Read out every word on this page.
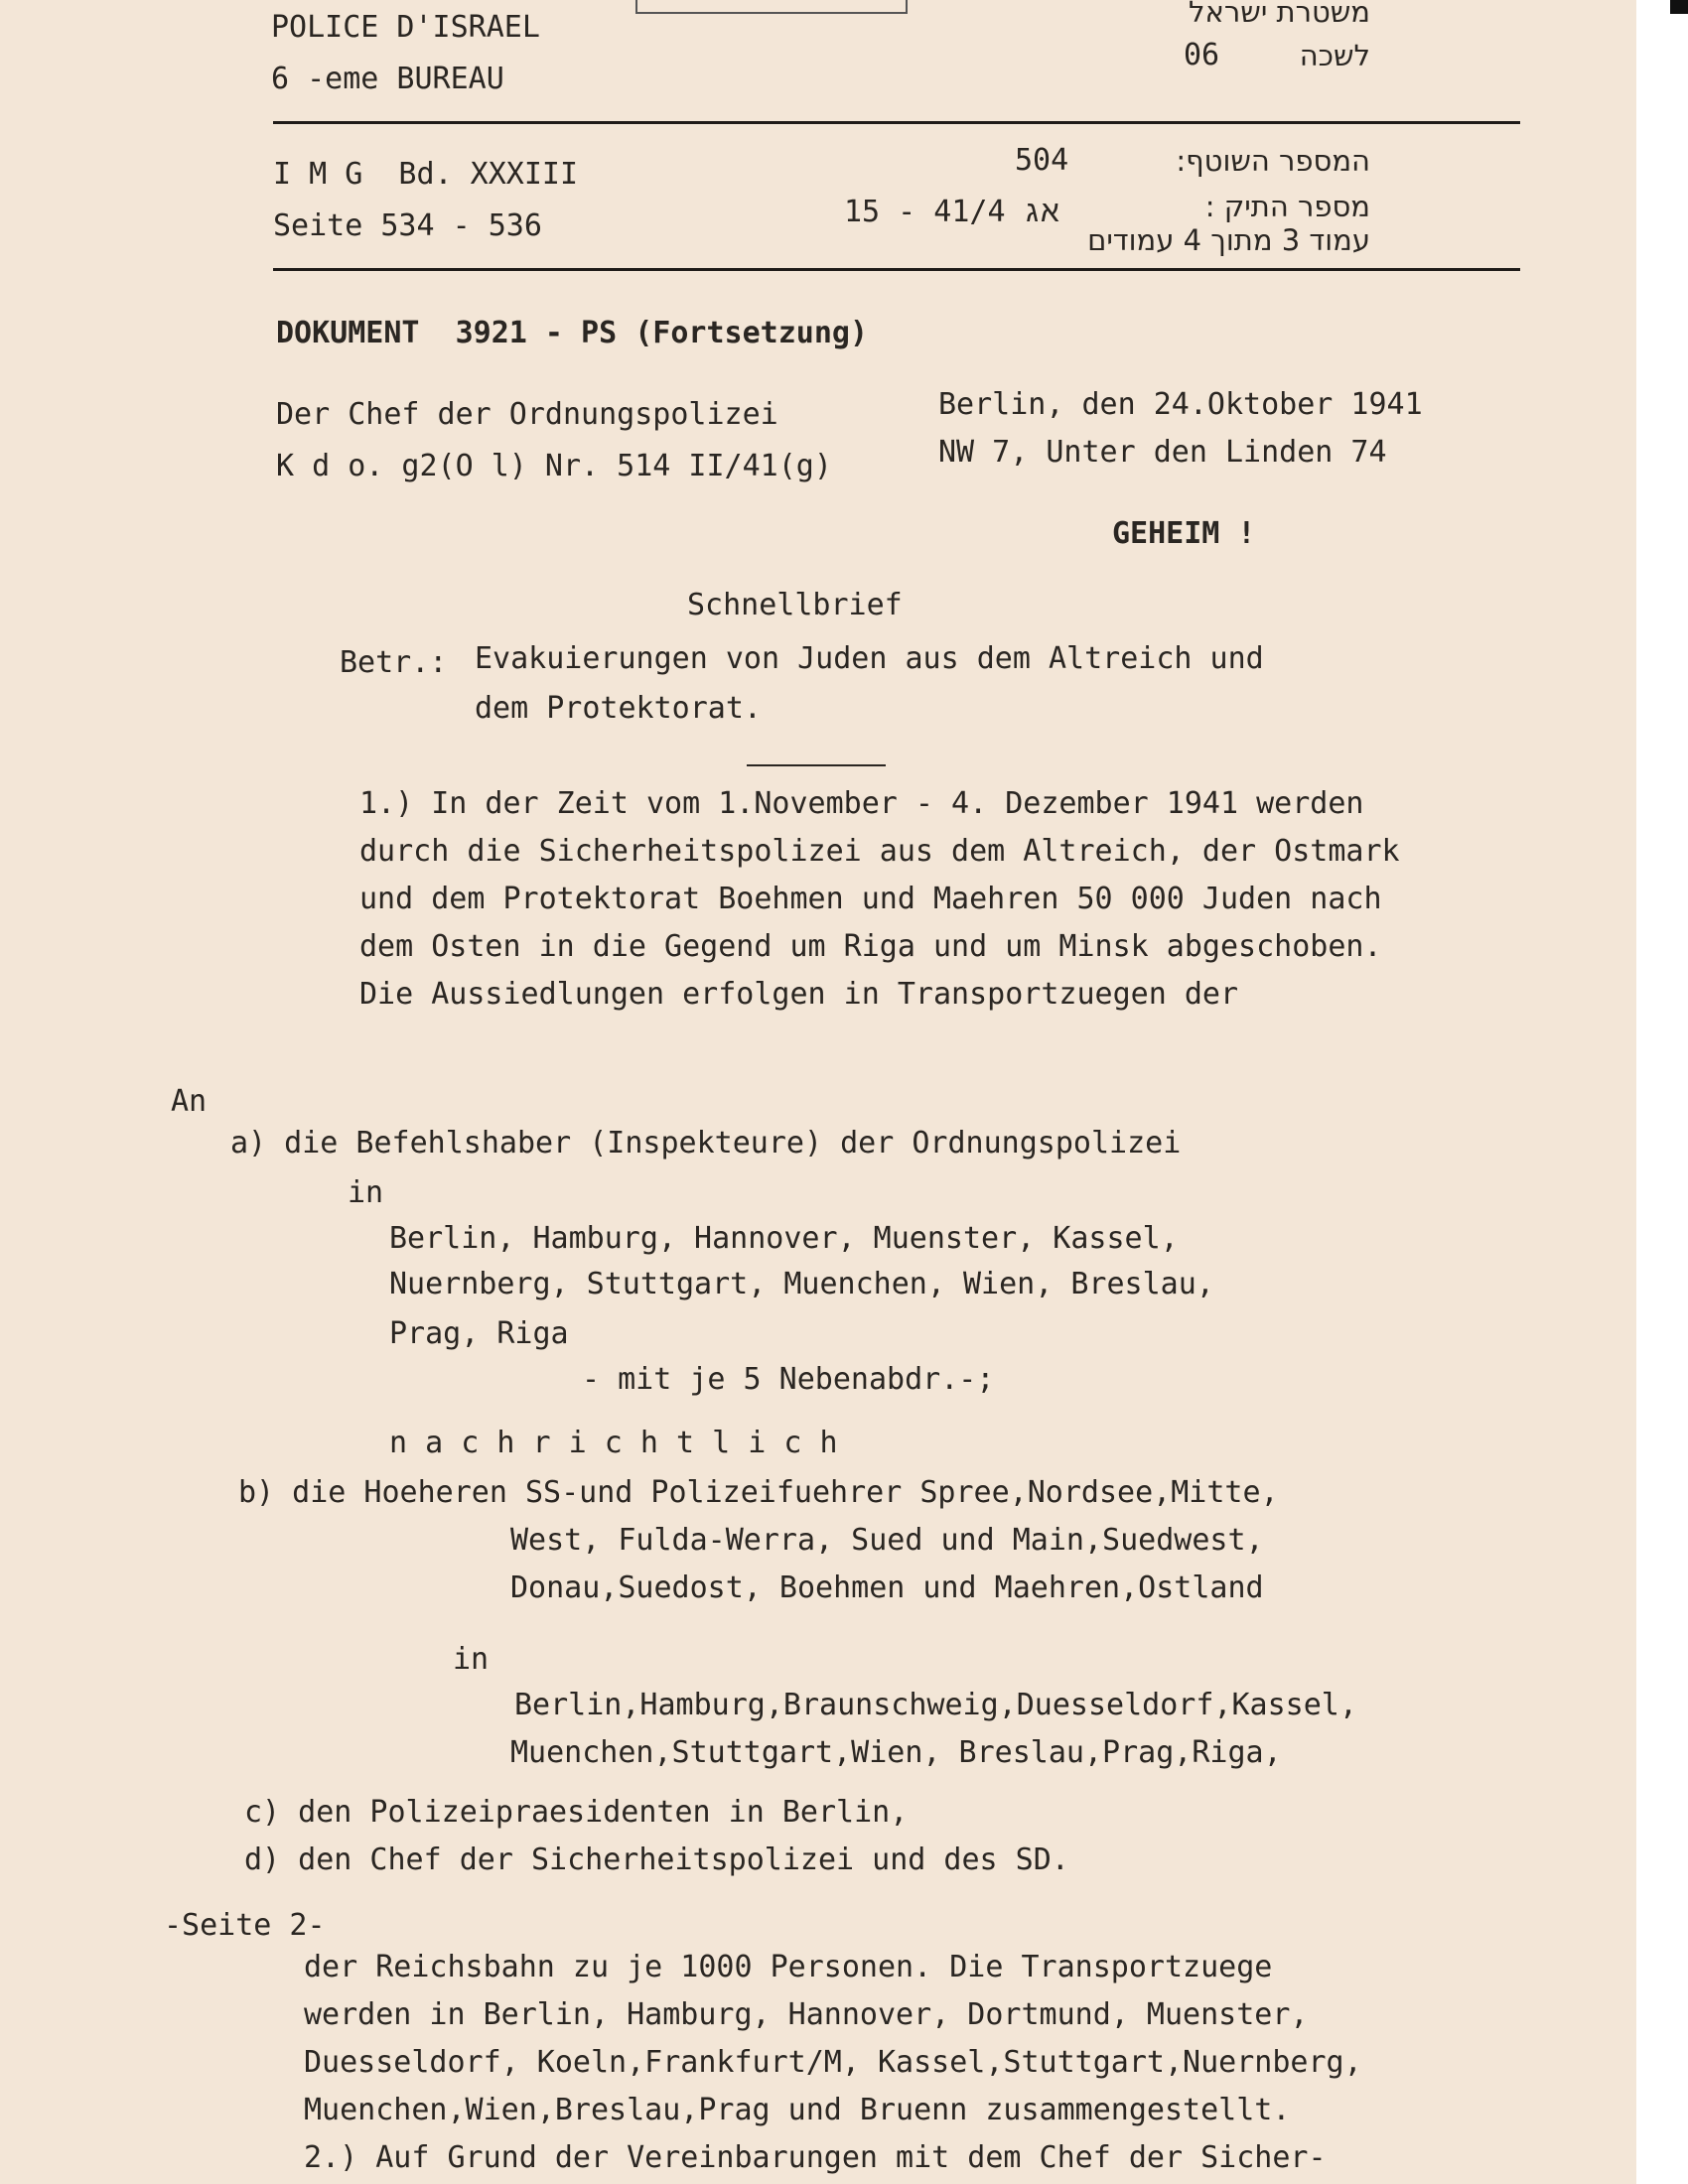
POLICE D'ISRAEL
6 -eme BUREAU
משטרת ישראל
06	לשכה
I M G  Bd. XXXIII
Seite 534 - 536
504	המספר השוטף:
15 - 41/4 אג	מספר התיק :
עמוד 3 מתוך 4 עמודים
DOKUMENT  3921 - PS (Fortsetzung)
Der Chef der Ordnungspolizei
K d o. g2(O l) Nr. 514 II/41(g)
Berlin, den 24.Oktober 1941
NW 7, Unter den Linden 74
GEHEIM !
Schnellbrief
Betr.: Evakuierungen von Juden aus dem Altreich und
dem Protektorat.
1.) In der Zeit vom 1.November - 4. Dezember 1941 werden
durch die Sicherheitspolizei aus dem Altreich, der Ostmark
und dem Protektorat Boehmen und Maehren 50 000 Juden nach
dem Osten in die Gegend um Riga und um Minsk abgeschoben.
Die Aussiedlungen erfolgen in Transportzuegen der
An
a) die Befehlshaber (Inspekteure) der Ordnungspolizei
in
Berlin, Hamburg, Hannover, Muenster, Kassel,
Nuernberg, Stuttgart, Muenchen, Wien, Breslau,
Prag, Riga
- mit je 5 Nebenabdr.-;
n a c h r i c h t l i c h
b) die Hoeheren SS-und Polizeifuehrer Spree,Nordsee,Mitte,
West, Fulda-Werra, Sued und Main,Suedwest,
Donau,Suedost, Boehmen und Maehren,Ostland
in
Berlin,Hamburg,Braunschweig,Duesseldorf,Kassel,
Muenchen,Stuttgart,Wien, Breslau,Prag,Riga,
c) den Polizeipraesidenten in Berlin,
d) den Chef der Sicherheitspolizei und des SD.
-Seite 2-
der Reichsbahn zu je 1000 Personen. Die Transportzuege
werden in Berlin, Hamburg, Hannover, Dortmund, Muenster,
Duesseldorf, Koeln,Frankfurt/M, Kassel,Stuttgart,Nuernberg,
Muenchen,Wien,Breslau,Prag und Bruenn zusammengestellt.
2.) Auf Grund der Vereinbarungen mit dem Chef der Sicher-
